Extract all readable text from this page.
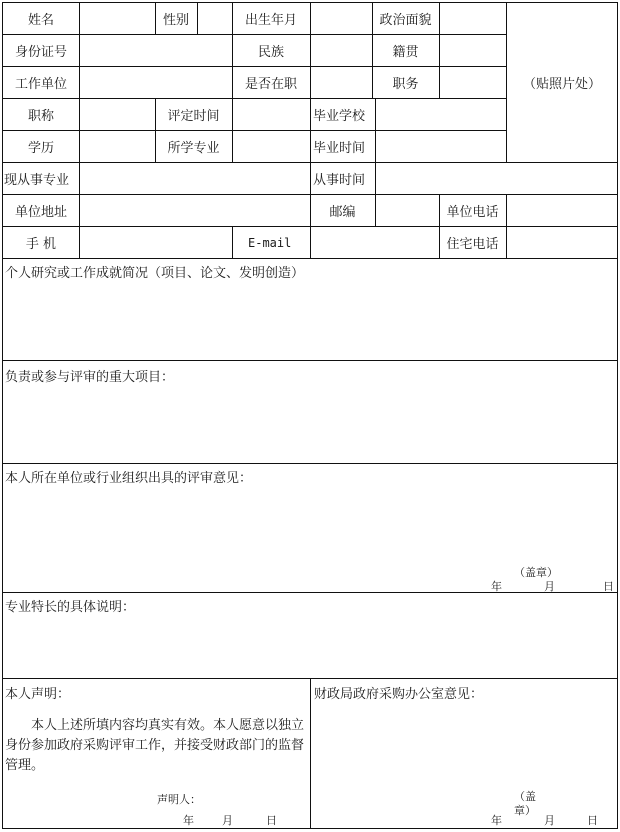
姓名	性别	出生年月	政治面貌
身份证号	民族	籍贯
工作单位	是否在职	职务	（贴照片处）
职称	评定时间	毕业学校
学历	所学专业	毕业时间
现从事专业	从事时间
单位地址	邮编	单位电话
手 机	E-mail	住宅电话
个人研究或工作成就简况（项目、论文、发明创造）
负责或参与评审的重大项目：
本人所在单位或行业组织出具的评审意见：
（盖章）
年	月	日
专业特长的具体说明：
本人声明：
本人上述所填内容均真实有效。本人愿意以独立身份参加政府采购评审工作，并接受财政部门的监督管理。
声明人：
年	月	日
财政局政府采购办公室意见：
（盖
章）
年	月	日
